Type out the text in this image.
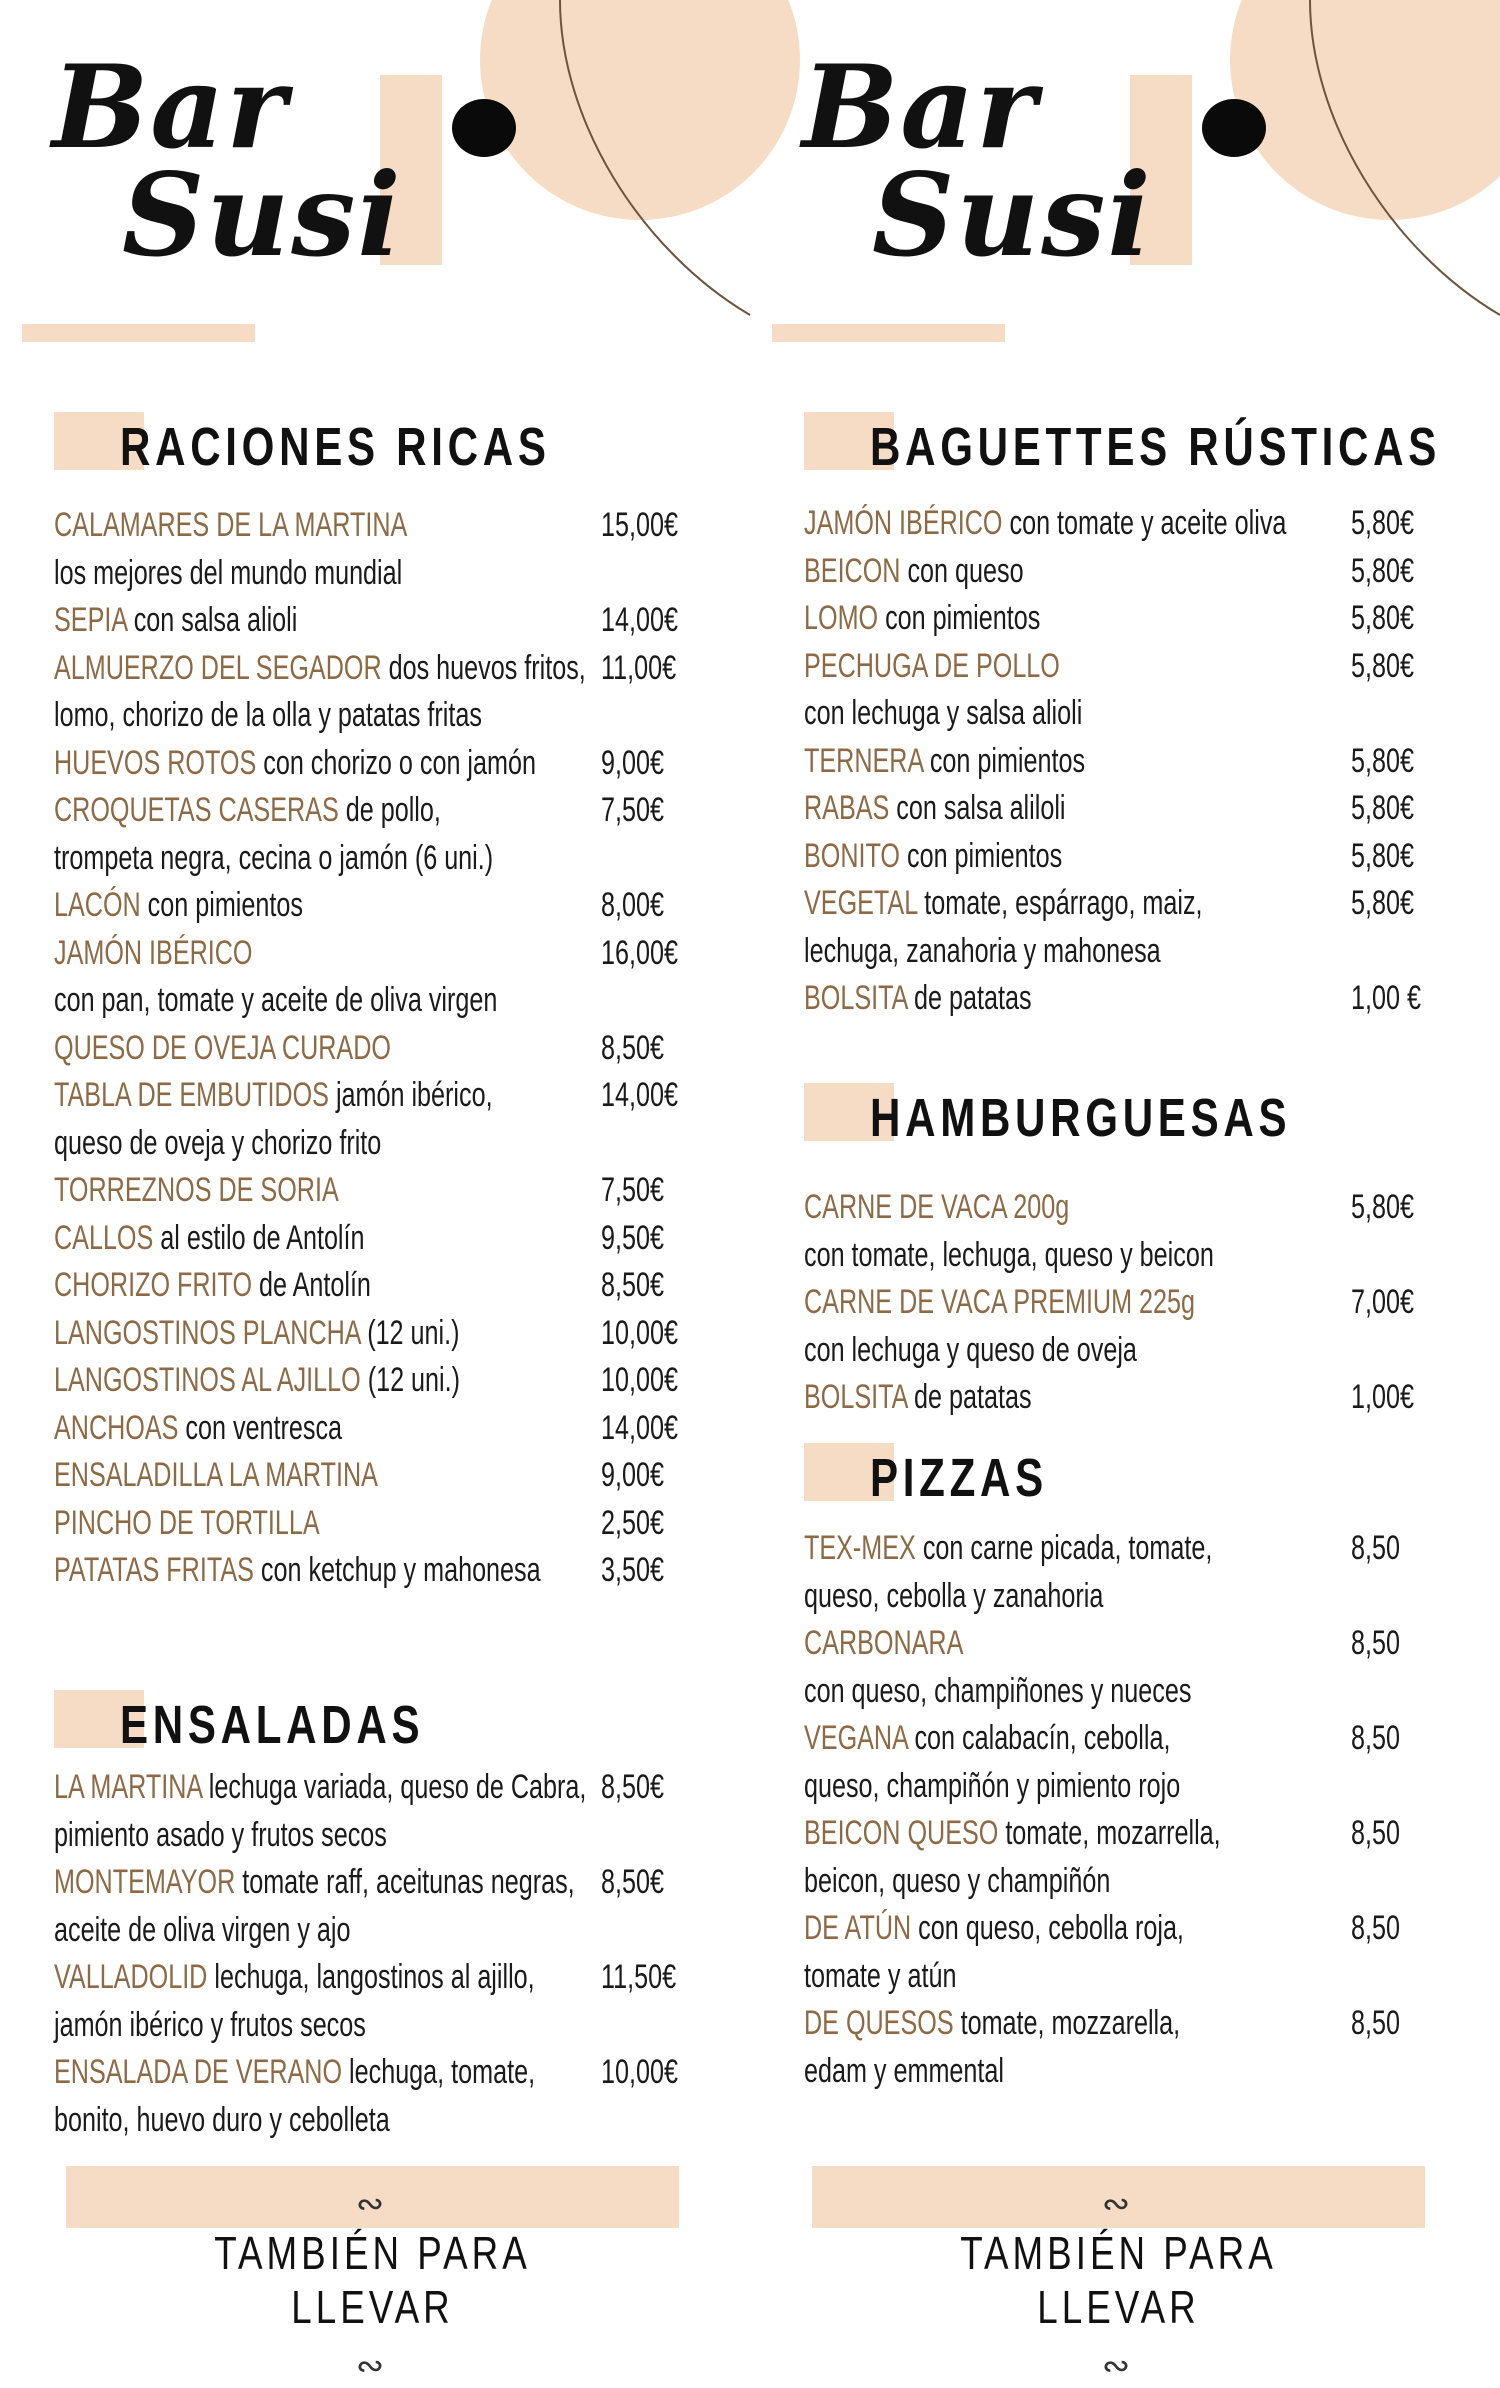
Bar
Susi
RACIONES RICAS
CALAMARES DE LA MARTINA	15,00€
los mejores del mundo mundial
SEPIA con salsa alioli	14,00€
ALMUERZO DEL SEGADOR dos huevos fritos, 11,00€
lomo, chorizo de la olla y patatas fritas
HUEVOS ROTOS con chorizo o con jamón 9,00€
CROQUETAS CASERAS de pollo,	7,50€
trompeta negra, cecina o jamón (6 uni.)
LACÓN con pimientos	8,00€
JAMÓN IBÉRICO	16,00€
con pan, tomate y aceite de oliva virgen
QUESO DE OVEJA CURADO	8,50€
TABLA DE EMBUTIDOS jamón ibérico,	14,00€
queso de oveja y chorizo frito
TORREZNOS DE SORIA	7,50€
CALLOS al estilo de Antolín	9,50€
CHORIZO FRITO de Antolín	8,50€
LANGOSTINOS PLANCHA (12 uni.)	10,00€
LANGOSTINOS AL AJILLO (12 uni.)	10,00€
ANCHOAS con ventresca	14,00€
ENSALADILLA LA MARTINA	9,00€
PINCHO DE TORTILLA	2,50€
PATATAS FRITAS con ketchup y mahonesa 3,50€
ENSALADAS
LA MARTINA lechuga variada, queso de Cabra, 8,50€
pimiento asado y frutos secos
MONTEMAYOR tomate raff, aceitunas negras, 8,50€
aceite de oliva virgen y ajo
VALLADOLID lechuga, langostinos al ajillo, 11,50€
jamón ibérico y frutos secos
ENSALADA DE VERANO lechuga, tomate, 10,00€
bonito, huevo duro y cebolleta
∾TAMBIÉN PARA LLEVAR∾
Bar
Susi
BAGUETTES RÚSTICAS
JAMÓN IBÉRICO con tomate y aceite oliva 5,80€
BEICON con queso	5,80€
LOMO con pimientos	5,80€
PECHUGA DE POLLO	5,80€
con lechuga y salsa alioli
TERNERA con pimientos	5,80€
RABAS con salsa alilol​i	5,80€
BONITO con pimientos	5,80€
VEGETAL tomate, espárrago, maiz,	5,80€
lechuga, zanahoria y mahonesa
BOLSITA de patatas	1,00 €
HAMBURGUESAS
CARNE DE VACA 200g	5,80€
con tomate, lechuga, queso y beicon
CARNE DE VACA PREMIUM 225g	7,00€
con lechuga y queso de oveja
BOLSITA de patatas	1,00€
PIZZAS
TEX-MEX con carne picada, tomate,	8,50
queso, cebolla y zanahoria
CARBONARA	8,50
con queso, champiñones y nueces
VEGANA con calabacín, cebolla,	8,50
queso, champiñón y pimiento rojo
BEICON QUESO tomate, mozarrella,	8,50
beicon, queso y champiñón
DE ATÚN con queso, cebolla roja,	8,50
tomate y atún
DE QUESOS tomate, mozzarella,	8,50
edam y emmental
∾TAMBIÉN PARA LLEVAR∾
